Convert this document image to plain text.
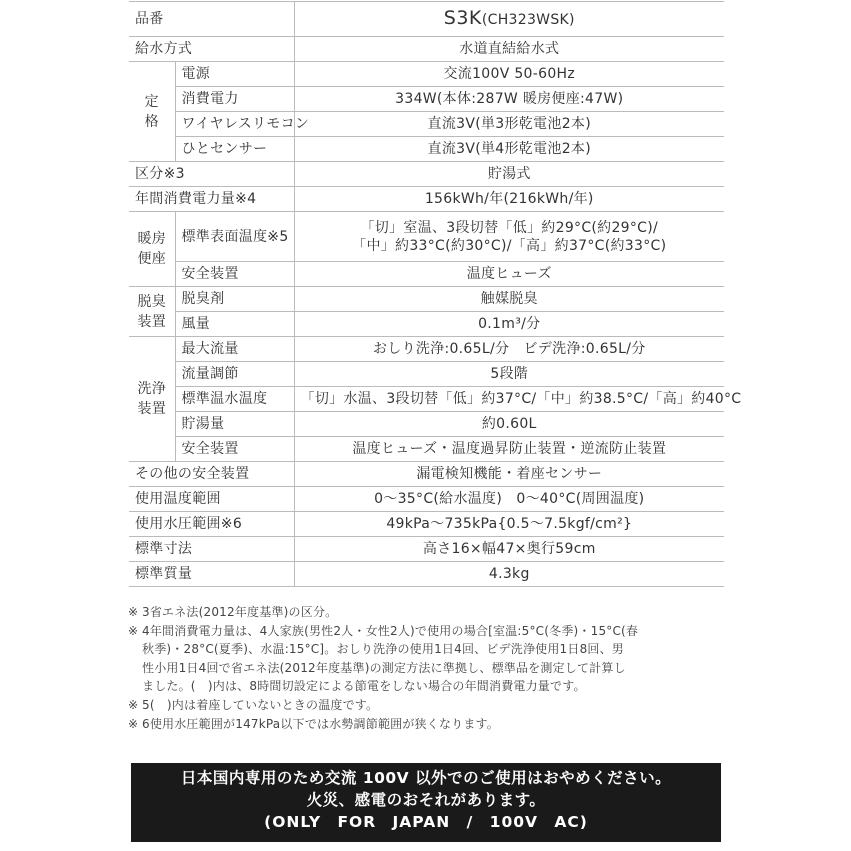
品番		S3K(CH323WSK)
給水方式		水道直結給水式

定
格	電源	交流100V 50-60Hz
	消費電力	334W(本体:287W 暖房便座:47W)
	ワイヤレスリモコン	直流3V(単3形乾電池2本)
	ひとセンサー	直流3V(単4形乾電池2本)
区分※3		貯湯式
年間消費電力量※4		156kWh/年(216kWh/年)

暖房
便座	標準表面温度※5	「切」室温、3段切替「低」約29°C(約29°C)/
「中」約33°C(約30°C)/「高」約37°C(約33°C)

	安全装置	温度ヒューズ

脱臭
装置	脱臭剤	触媒脱臭
	風量	0.1m³/分

洗浄
装置	最大流量	おしり洗浄:0.65L/分　ビデ洗浄:0.65L/分
	流量調節	5段階
	標準温水温度	「切」水温、3段切替「低」約37°C/「中」約38.5°C/「高」約40°C
	貯湯量	約0.60L
	安全装置	温度ヒューズ・温度過昇防止装置・逆流防止装置
その他の安全装置		漏電検知機能・着座センサー
使用温度範囲		0〜35°C(給水温度)　0〜40°C(周囲温度)
使用水圧範囲※6		49kPa〜735kPa{0.5〜7.5kgf/cm²}
標準寸法		高さ16×幅47×奥行59cm
標準質量		4.3kg
※ 3省エネ法(2012年度基準)の区分。
※ 4年間消費電力量は、4人家族(男性2人・女性2人)で使用の場合[室温:5°C(冬季)・15°C(春
秋季)・28°C(夏季)、水温:15°C]。おしり洗浄の使用1日4回、ビデ洗浄使用1日8回、男
性小用1日4回で省エネ法(2012年度基準)の測定方法に準拠し、標準品を測定して計算し
ました。(　)内は、8時間切設定による節電をしない場合の年間消費電力量です。
※ 5(　)内は着座していないときの温度です。
※ 6使用水圧範囲が147kPa以下では水勢調節範囲が狭くなります。
日本国内専用のため交流 100V 以外でのご使用はおやめください。
火災、感電のおそれがあります。
(ONLY FOR JAPAN / 100V AC)
